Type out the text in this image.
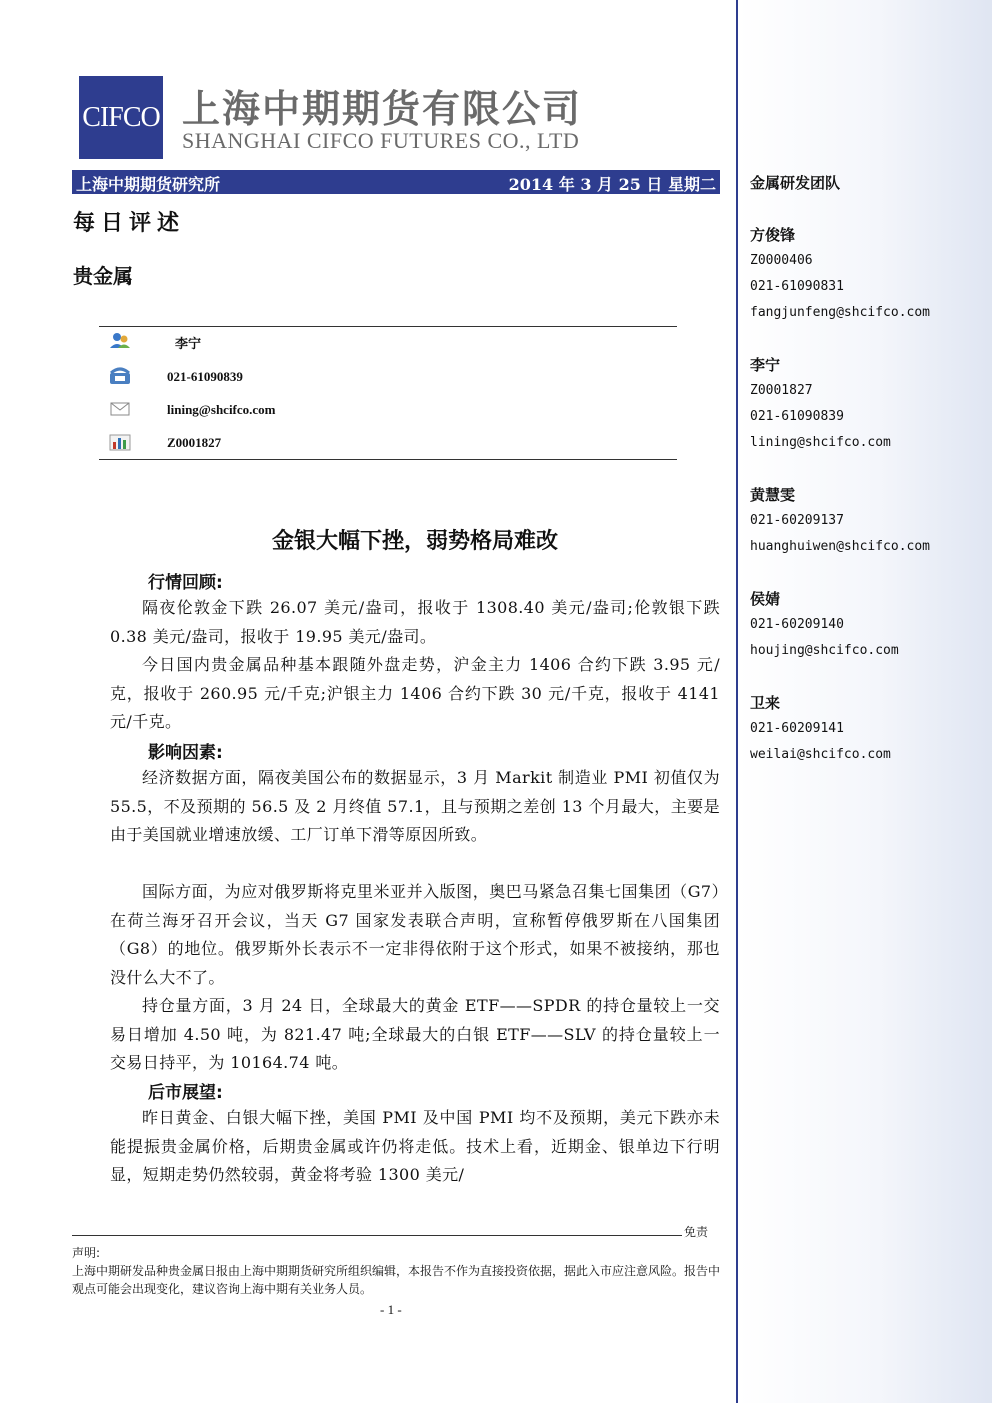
金属研发团队
方俊锋
Z0000406
021-61090831
fangjunfeng@shcifco.com
李宁
Z0001827
021-61090839
lining@shcifco.com
黄慧雯
021-60209137
huanghuiwen@shcifco.com
侯婧
021-60209140
houjing@shcifco.com
卫来
021-60209141
weilai@shcifco.com
CIFCO 上海中期期货有限公司
SHANGHAI CIFCO FUTURES CO., LTD
上海中期期货研究所	2014 年 3 月 25 日 星期二
每日评述
贵金属
李宁
021-61090839
lining@shcifco.com
Z0001827
金银大幅下挫，弱势格局难改
行情回顾:
隔夜伦敦金下跌 26.07 美元/盎司，报收于 1308.40 美元/盎司;伦敦银下跌 0.38 美元/盎司，报收于 19.95 美元/盎司。
今日国内贵金属品种基本跟随外盘走势，沪金主力 1406 合约下跌 3.95 元/克，报收于 260.95 元/千克;沪银主力 1406 合约下跌 30 元/千克，报收于 4141 元/千克。
影响因素:
经济数据方面，隔夜美国公布的数据显示，3 月 Markit 制造业 PMI 初值仅为 55.5，不及预期的 56.5 及 2 月终值 57.1，且与预期之差创 13 个月最大，主要是由于美国就业增速放缓、工厂订单下滑等原因所致。
国际方面，为应对俄罗斯将克里米亚并入版图，奥巴马紧急召集七国集团（G7）在荷兰海牙召开会议，当天 G7 国家发表联合声明，宣称暂停俄罗斯在八国集团（G8）的地位。俄罗斯外长表示不一定非得依附于这个形式，如果不被接纳，那也没什么大不了。
持仓量方面，3 月 24 日，全球最大的黄金 ETF——SPDR 的持仓量较上一交易日增加 4.50 吨，为 821.47 吨;全球最大的白银 ETF——SLV 的持仓量较上一交易日持平，为 10164.74 吨。
后市展望:
昨日黄金、白银大幅下挫，美国 PMI 及中国 PMI 均不及预期，美元下跌亦未能提振贵金属价格，后期贵金属或许仍将走低。技术上看，近期金、银单边下行明显，短期走势仍然较弱，黄金将考验 1300 美元/
免责
声明:
上海中期研发品种贵金属日报由上海中期期货研究所组织编辑，本报告不作为直接投资依据，据此入市应注意风险。报告中观点可能会出现变化，建议咨询上海中期有关业务人员。
- 1 -
